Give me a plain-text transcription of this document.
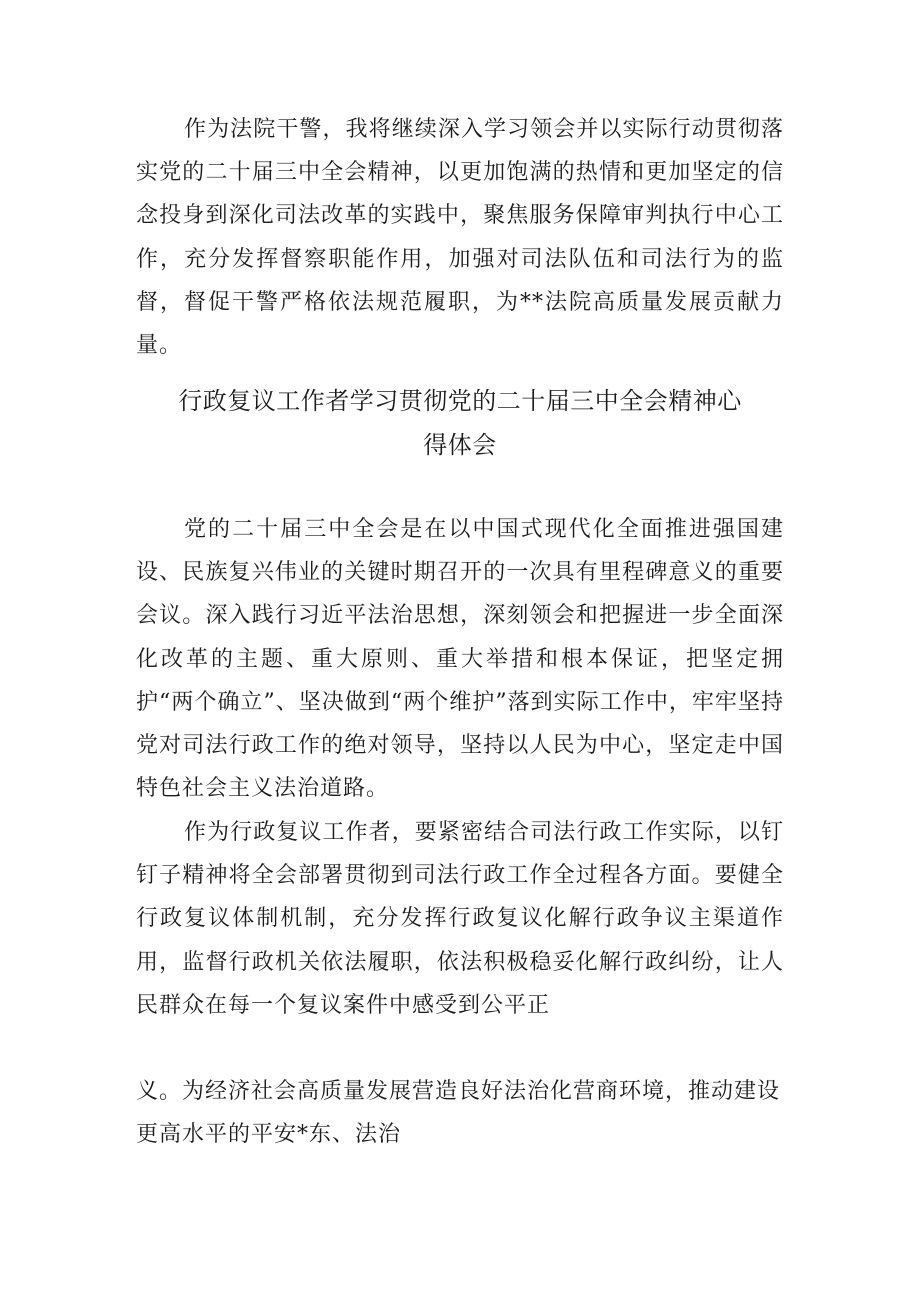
作为法院干警，我将继续深入学习领会并以实际行动贯彻落实党的二十届三中全会精神，以更加饱满的热情和更加坚定的信念投身到深化司法改革的实践中，聚焦服务保障审判执行中心工作，充分发挥督察职能作用，加强对司法队伍和司法行为的监督，督促干警严格依法规范履职，为**法院高质量发展贡献力量。

行政复议工作者学习贯彻党的二十届三中全会精神心
得体会

党的二十届三中全会是在以中国式现代化全面推进强国建设、民族复兴伟业的关键时期召开的一次具有里程碑意义的重要会议。深入践行习近平法治思想，深刻领会和把握进一步全面深化改革的主题、重大原则、重大举措和根本保证，把坚定拥护“两个确立”、坚决做到“两个维护”落到实际工作中，牢牢坚持党对司法行政工作的绝对领导，坚持以人民为中心，坚定走中国特色社会主义法治道路。

作为行政复议工作者，要紧密结合司法行政工作实际，以钉钉子精神将全会部署贯彻到司法行政工作全过程各方面。要健全行政复议体制机制，充分发挥行政复议化解行政争议主渠道作用，监督行政机关依法履职，依法积极稳妥化解行政纠纷，让人民群众在每一个复议案件中感受到公平正

义。为经济社会高质量发展营造良好法治化营商环境，推动建设更高水平的平安*东、法治
